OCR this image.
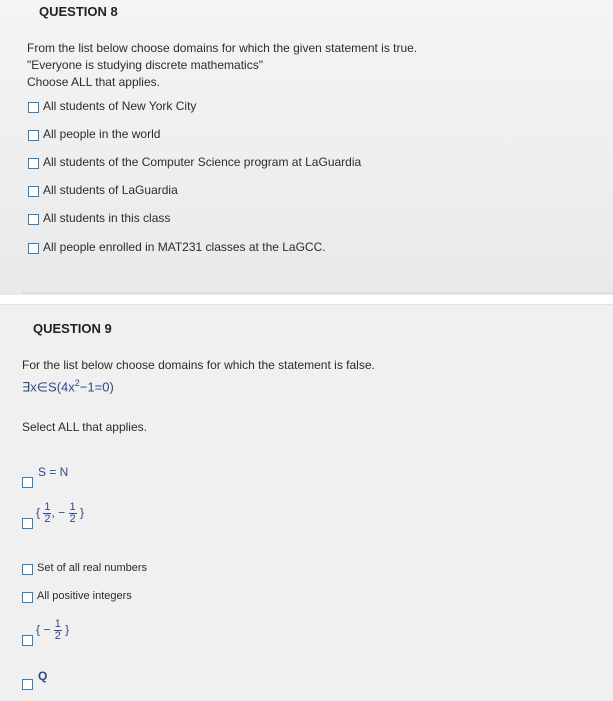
QUESTION 8
From the list below choose domains for which the given statement is true.
"Everyone is studying discrete mathematics"
Choose ALL that applies.
All students of New York City
All people in the world
All students of the Computer Science program at LaGuardia
All students of LaGuardia
All students in this class
All people enrolled in MAT231 classes at the LaGCC.
QUESTION 9
For the list below choose domains for which the statement is false.
$\exists x\in S(4x^2-1=0)$
Select ALL that applies.
S = N
{ $\frac{1}{2}$ , − $\frac{1}{2}$ }
Set of all real numbers
All positive integers
{ − $\frac{1}{2}$ }
Q
